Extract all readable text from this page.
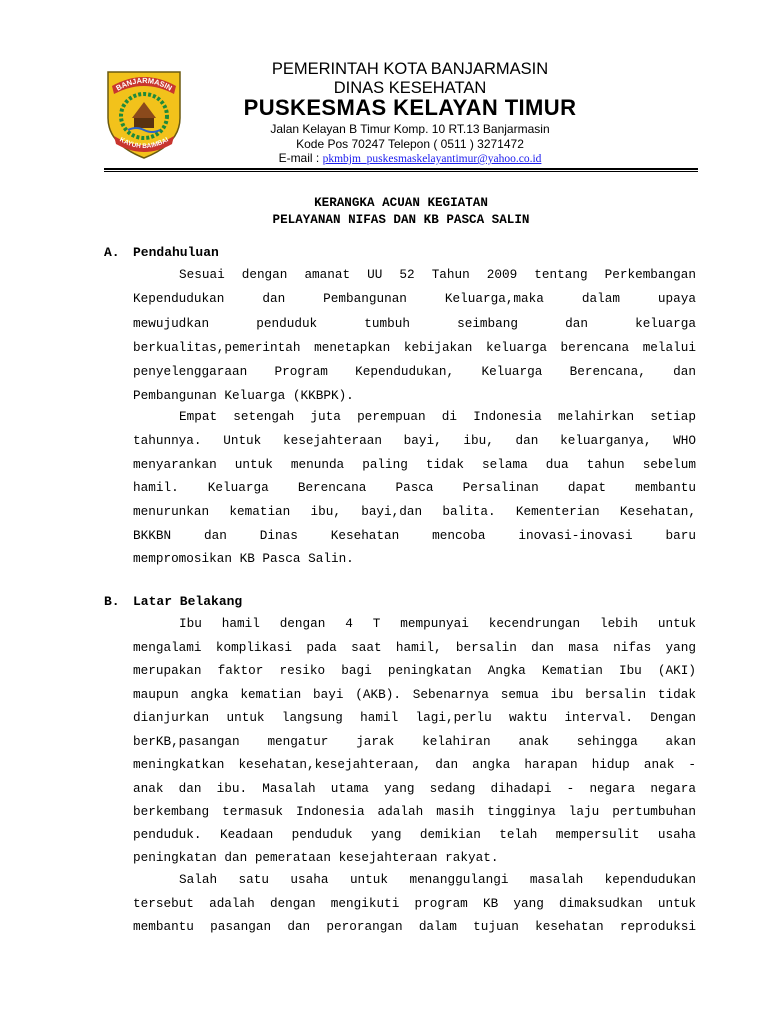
BANJARMASIN
KAYUH BAIMBAI
PEMERINTAH KOTA BANJARMASIN
DINAS KESEHATAN
PUSKESMAS KELAYAN TIMUR
Jalan Kelayan B Timur Komp. 10 RT.13 Banjarmasin
Kode Pos 70247 Telepon ( 0511 ) 3271472
E-mail : pkmbjm_puskesmaskelayantimur@yahoo.co.id
KERANGKA ACUAN KEGIATAN
PELAYANAN NIFAS DAN KB PASCA SALIN
A. Pendahuluan
Sesuai dengan amanat UU 52 Tahun 2009 tentang Perkembangan
Kependudukan dan Pembangunan Keluarga,maka dalam upaya
mewujudkan penduduk tumbuh seimbang dan keluarga
berkualitas,pemerintah menetapkan kebijakan keluarga berencana melalui
penyelenggaraan Program Kependudukan, Keluarga Berencana, dan
Pembangunan Keluarga (KKBPK).
Empat setengah juta perempuan di Indonesia melahirkan setiap
tahunnya. Untuk kesejahteraan bayi, ibu, dan keluarganya, WHO
menyarankan untuk menunda paling tidak selama dua tahun sebelum
hamil. Keluarga Berencana Pasca Persalinan dapat membantu
menurunkan kematian ibu, bayi,dan balita. Kementerian Kesehatan,
BKKBN dan Dinas Kesehatan mencoba inovasi-inovasi baru
mempromosikan KB Pasca Salin.
B. Latar Belakang
Ibu hamil dengan 4 T mempunyai kecendrungan lebih untuk
mengalami komplikasi pada saat hamil, bersalin dan masa nifas yang
merupakan faktor resiko bagi peningkatan Angka Kematian Ibu (AKI)
maupun angka kematian bayi (AKB). Sebenarnya semua ibu bersalin tidak
dianjurkan untuk langsung hamil lagi,perlu waktu interval. Dengan
berKB,pasangan mengatur jarak kelahiran anak sehingga akan
meningkatkan kesehatan,kesejahteraan, dan angka harapan hidup anak -
anak dan ibu. Masalah utama yang sedang dihadapi - negara negara
berkembang termasuk Indonesia adalah masih tingginya laju pertumbuhan
penduduk. Keadaan penduduk yang demikian telah mempersulit usaha
peningkatan dan pemerataan kesejahteraan rakyat.
Salah satu usaha untuk menanggulangi masalah kependudukan
tersebut adalah dengan mengikuti program KB yang dimaksudkan untuk
membantu pasangan dan perorangan dalam tujuan kesehatan reproduksi
